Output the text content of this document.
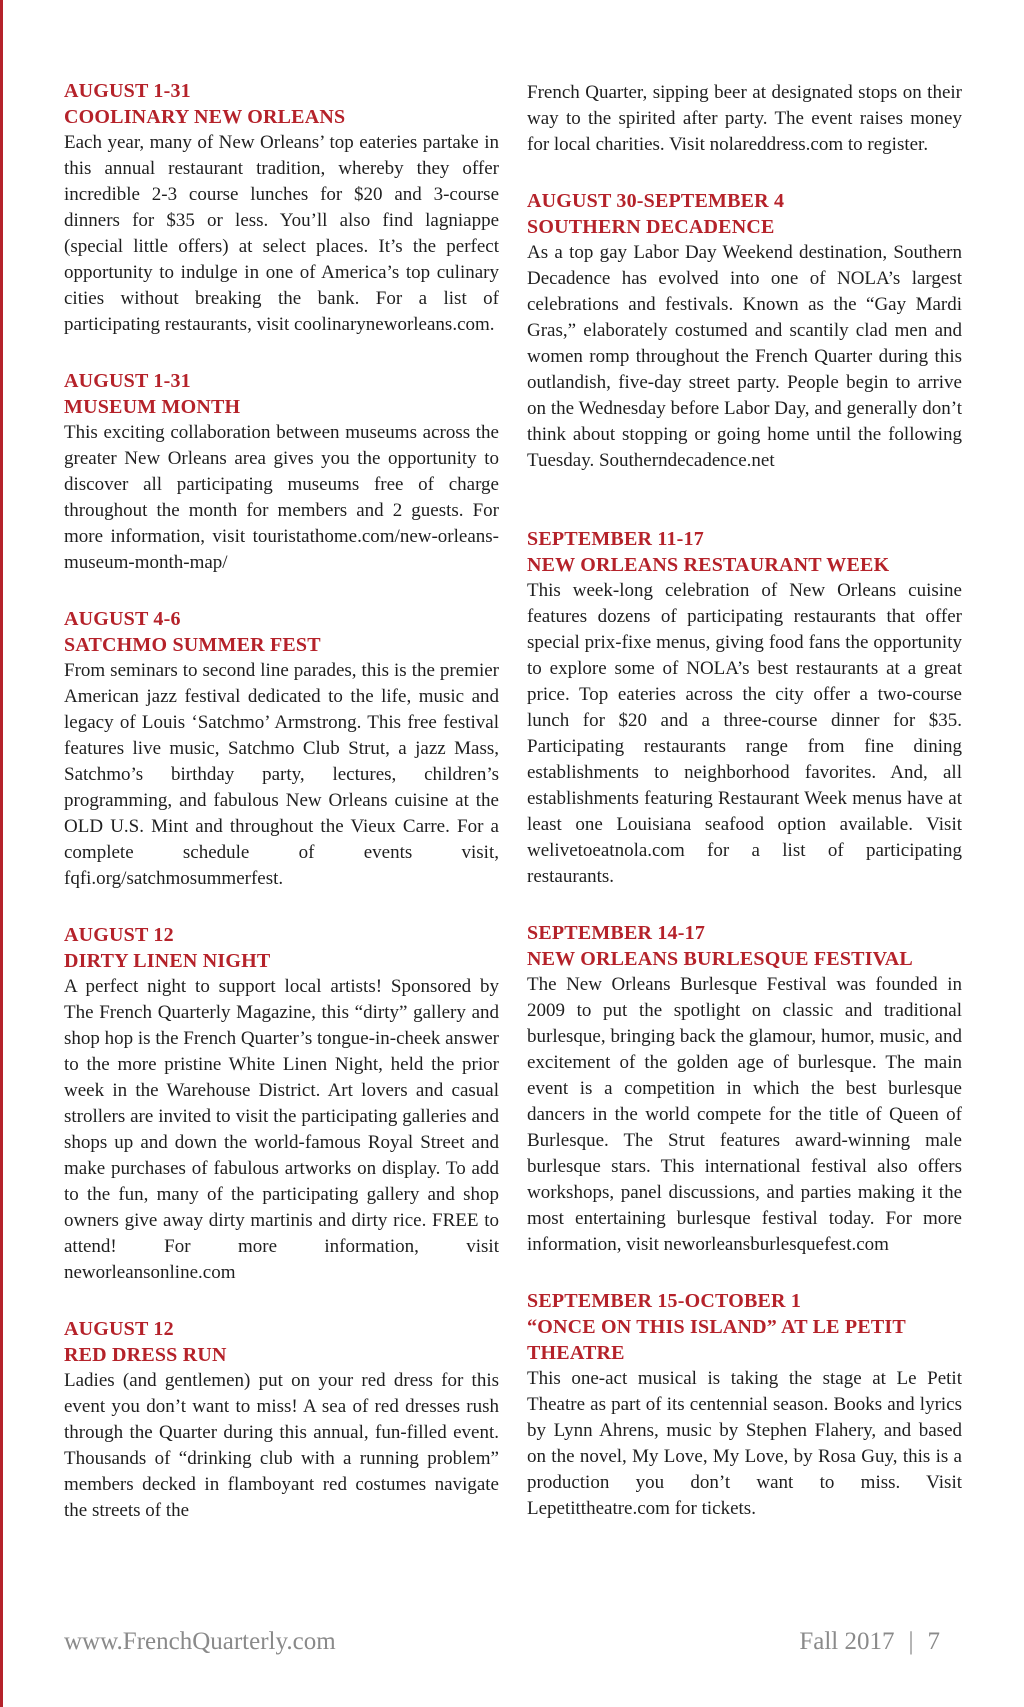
AUGUST 1-31

COOLINARY NEW ORLEANS

Each year, many of New Orleans’ top eateries partake in this annual restaurant tradition, whereby they offer incredible 2-3 course lunches for $20 and 3-course dinners for $35 or less. You’ll also find lagniappe (special little offers) at select places. It’s the perfect opportunity to indulge in one of America’s top culinary cities without breaking the bank. For a list of participating restaurants, visit coolinaryneworleans.com.

AUGUST 1-31

MUSEUM MONTH

This exciting collaboration between museums across the greater New Orleans area gives you the opportunity to discover all participating museums free of charge throughout the month for members and 2 guests. For more information, visit touristathome.com/new-orleans-museum-month-map/

AUGUST 4-6

SATCHMO SUMMER FEST

From seminars to second line parades, this is the premier American jazz festival dedicated to the life, music and legacy of Louis ‘Satchmo’ Armstrong. This free festival features live music, Satchmo Club Strut, a jazz Mass, Satchmo’s birthday party, lectures, children’s programming, and fabulous New Orleans cuisine at the OLD U.S. Mint and throughout the Vieux Carre. For a complete schedule of events visit, fqfi.org/satchmosummerfest.

AUGUST 12

DIRTY LINEN NIGHT

A perfect night to support local artists! Sponsored by The French Quarterly Magazine, this “dirty” gallery and shop hop is the French Quarter’s tongue-in-cheek answer to the more pristine White Linen Night, held the prior week in the Warehouse District. Art lovers and casual strollers are invited to visit the participating galleries and shops up and down the world-famous Royal Street and make purchases of fabulous artworks on display. To add to the fun, many of the participating gallery and shop owners give away dirty martinis and dirty rice. FREE to attend! For more information, visit neworleansonline.com

AUGUST 12

RED DRESS RUN

Ladies (and gentlemen) put on your red dress for this event you don’t want to miss! A sea of red dresses rush through the Quarter during this annual, fun-filled event. Thousands of “drinking club with a running problem” members decked in flamboyant red costumes navigate the streets of the

French Quarter, sipping beer at designated stops on their way to the spirited after party. The event raises money for local charities. Visit nolareddress.com to register.

AUGUST 30-SEPTEMBER 4

SOUTHERN DECADENCE

As a top gay Labor Day Weekend destination, Southern Decadence has evolved into one of NOLA’s largest celebrations and festivals. Known as the “Gay Mardi Gras,” elaborately costumed and scantily clad men and women romp throughout the French Quarter during this outlandish, five-day street party. People begin to arrive on the Wednesday before Labor Day, and generally don’t think about stopping or going home until the following Tuesday. Southerndecadence.net

SEPTEMBER 11-17

NEW ORLEANS RESTAURANT WEEK

This week-long celebration of New Orleans cuisine features dozens of participating restaurants that offer special prix-fixe menus, giving food fans the opportunity to explore some of NOLA’s best restaurants at a great price. Top eateries across the city offer a two-course lunch for $20 and a three-course dinner for $35. Participating restaurants range from fine dining establishments to neighborhood favorites. And, all establishments featuring Restaurant Week menus have at least one Louisiana seafood option available. Visit welivetoeatnola.com for a list of participating restaurants.

SEPTEMBER 14-17

NEW ORLEANS BURLESQUE FESTIVAL

The New Orleans Burlesque Festival was founded in 2009 to put the spotlight on classic and traditional burlesque, bringing back the glamour, humor, music, and excitement of the golden age of burlesque. The main event is a competition in which the best burlesque dancers in the world compete for the title of Queen of Burlesque. The Strut features award-winning male burlesque stars. This international festival also offers workshops, panel discussions, and parties making it the most entertaining burlesque festival today. For more information, visit neworleansburlesquefest.com

SEPTEMBER 15-OCTOBER 1

“ONCE ON THIS ISLAND” AT LE PETIT THEATRE

This one-act musical is taking the stage at Le Petit Theatre as part of its centennial season. Books and lyrics by Lynn Ahrens, music by Stephen Flahery, and based on the novel, My Love, My Love, by Rosa Guy, this is a production you don’t want to miss. Visit Lepetittheatre.com for tickets.

www.FrenchQuarterly.com	Fall 2017 | 7
